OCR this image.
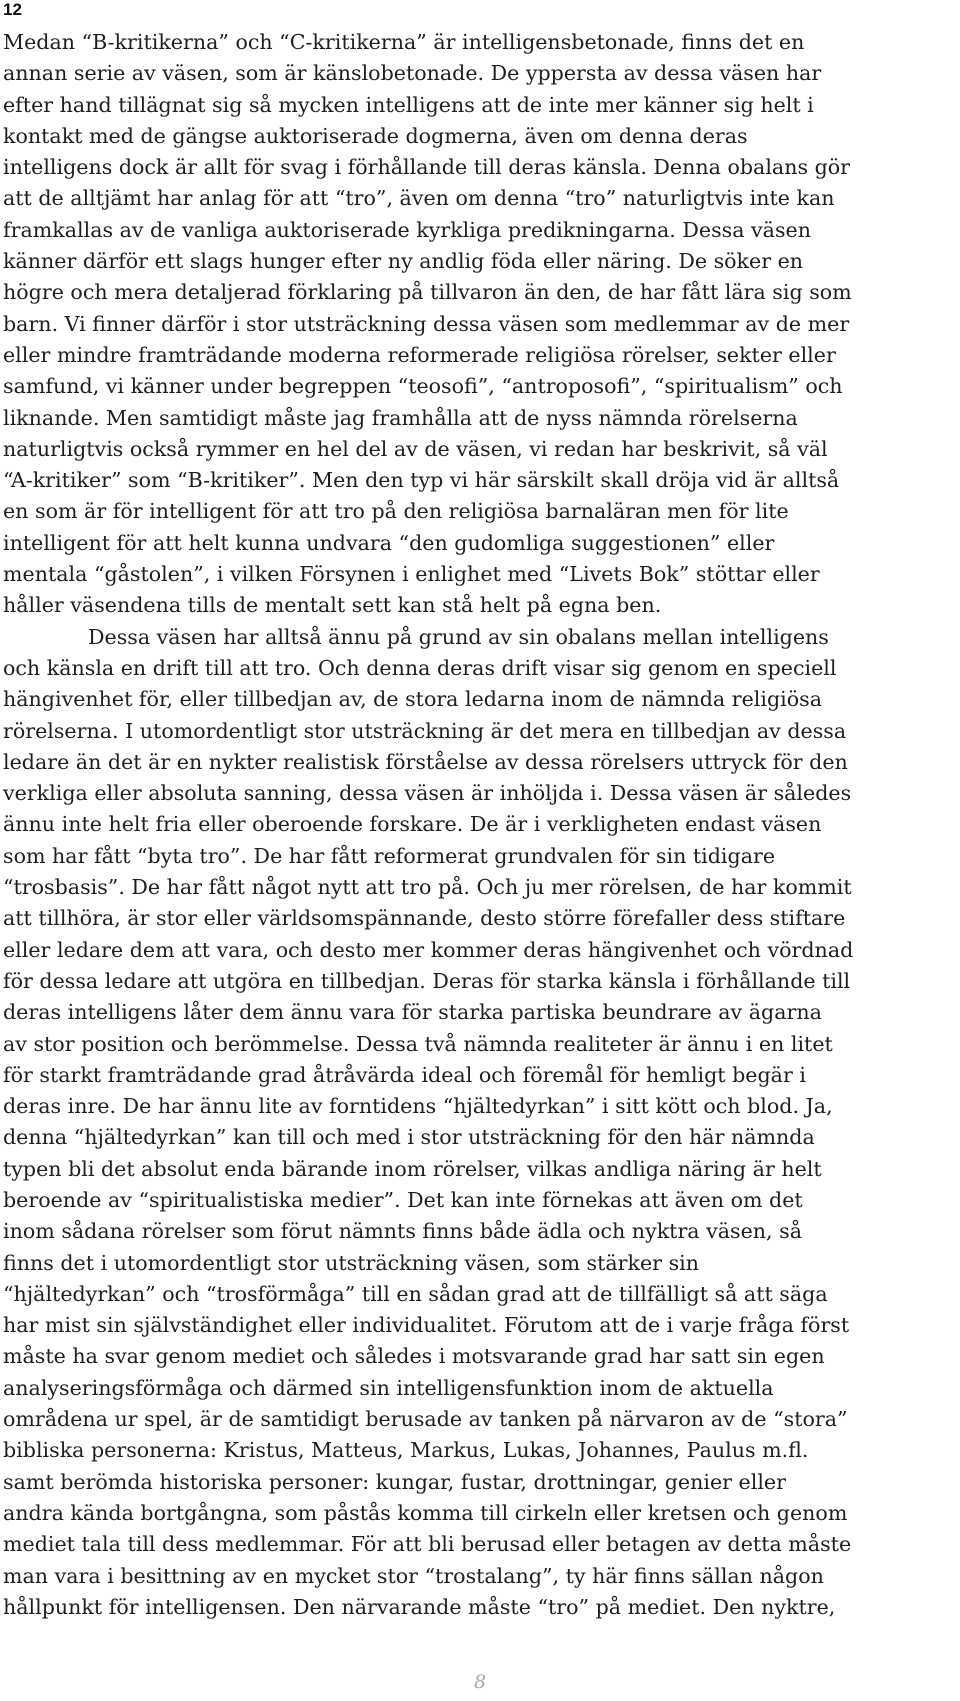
12
Medan “B-kritikerna” och “C-kritikerna” är intelligensbetonade, finns det en
annan serie av väsen, som är känslobetonade. De yppersta av dessa väsen har
efter hand tillägnat sig så mycken intelligens att de inte mer känner sig helt i
kontakt med de gängse auktoriserade dogmerna, även om denna deras
intelligens dock är allt för svag i förhållande till deras känsla. Denna obalans gör
att de alltjämt har anlag för att “tro”, även om denna “tro” naturligtvis inte kan
framkallas av de vanliga auktoriserade kyrkliga predikningarna. Dessa väsen
känner därför ett slags hunger efter ny andlig föda eller näring. De söker en
högre och mera detaljerad förklaring på tillvaron än den, de har fått lära sig som
barn. Vi finner därför i stor utsträckning dessa väsen som medlemmar av de mer
eller mindre framträdande moderna reformerade religiösa rörelser, sekter eller
samfund, vi känner under begreppen “teosofi”, “antroposofi”, “spiritualism” och
liknande. Men samtidigt måste jag framhålla att de nyss nämnda rörelserna
naturligtvis också rymmer en hel del av de väsen, vi redan har beskrivit, så väl
“A-kritiker” som “B-kritiker”. Men den typ vi här särskilt skall dröja vid är alltså
en som är för intelligent för att tro på den religiösa barnaläran men för lite
intelligent för att helt kunna undvara “den gudomliga suggestionen” eller
mentala “gåstolen”, i vilken Försynen i enlighet med “Livets Bok” stöttar eller
håller väsendena tills de mentalt sett kan stå helt på egna ben.
Dessa väsen har alltså ännu på grund av sin obalans mellan intelligens
och känsla en drift till att tro. Och denna deras drift visar sig genom en speciell
hängivenhet för, eller tillbedjan av, de stora ledarna inom de nämnda religiösa
rörelserna. I utomordentligt stor utsträckning är det mera en tillbedjan av dessa
ledare än det är en nykter realistisk förståelse av dessa rörelsers uttryck för den
verkliga eller absoluta sanning, dessa väsen är inhöljda i. Dessa väsen är således
ännu inte helt fria eller oberoende forskare. De är i verkligheten endast väsen
som har fått “byta tro”. De har fått reformerat grundvalen för sin tidigare
“trosbasis”. De har fått något nytt att tro på. Och ju mer rörelsen, de har kommit
att tillhöra, är stor eller världsomspännande, desto större förefaller dess stiftare
eller ledare dem att vara, och desto mer kommer deras hängivenhet och vördnad
för dessa ledare att utgöra en tillbedjan. Deras för starka känsla i förhållande till
deras intelligens låter dem ännu vara för starka partiska beundrare av ägarna
av stor position och berömmelse. Dessa två nämnda realiteter är ännu i en litet
för starkt framträdande grad åtråvärda ideal och föremål för hemligt begär i
deras inre. De har ännu lite av forntidens “hjältedyrkan” i sitt kött och blod. Ja,
denna “hjältedyrkan” kan till och med i stor utsträckning för den här nämnda
typen bli det absolut enda bärande inom rörelser, vilkas andliga näring är helt
beroende av “spiritualistiska medier”. Det kan inte förnekas att även om det
inom sådana rörelser som förut nämnts finns både ädla och nyktra väsen, så
finns det i utomordentligt stor utsträckning väsen, som stärker sin
“hjältedyrkan” och “trosförmåga” till en sådan grad att de tillfälligt så att säga
har mist sin självständighet eller individualitet. Förutom att de i varje fråga först
måste ha svar genom mediet och således i motsvarande grad har satt sin egen
analyseringsförmåga och därmed sin intelligensfunktion inom de aktuella
områdena ur spel, är de samtidigt berusade av tanken på närvaron av de “stora”
bibliska personerna: Kristus, Matteus, Markus, Lukas, Johannes, Paulus m.fl.
samt berömda historiska personer: kungar, fustar, drottningar, genier eller
andra kända bortgångna, som påstås komma till cirkeln eller kretsen och genom
mediet tala till dess medlemmar. För att bli berusad eller betagen av detta måste
man vara i besittning av en mycket stor “trostalang”, ty här finns sällan någon
hållpunkt för intelligensen. Den närvarande måste “tro” på mediet. Den nyktre,
8
